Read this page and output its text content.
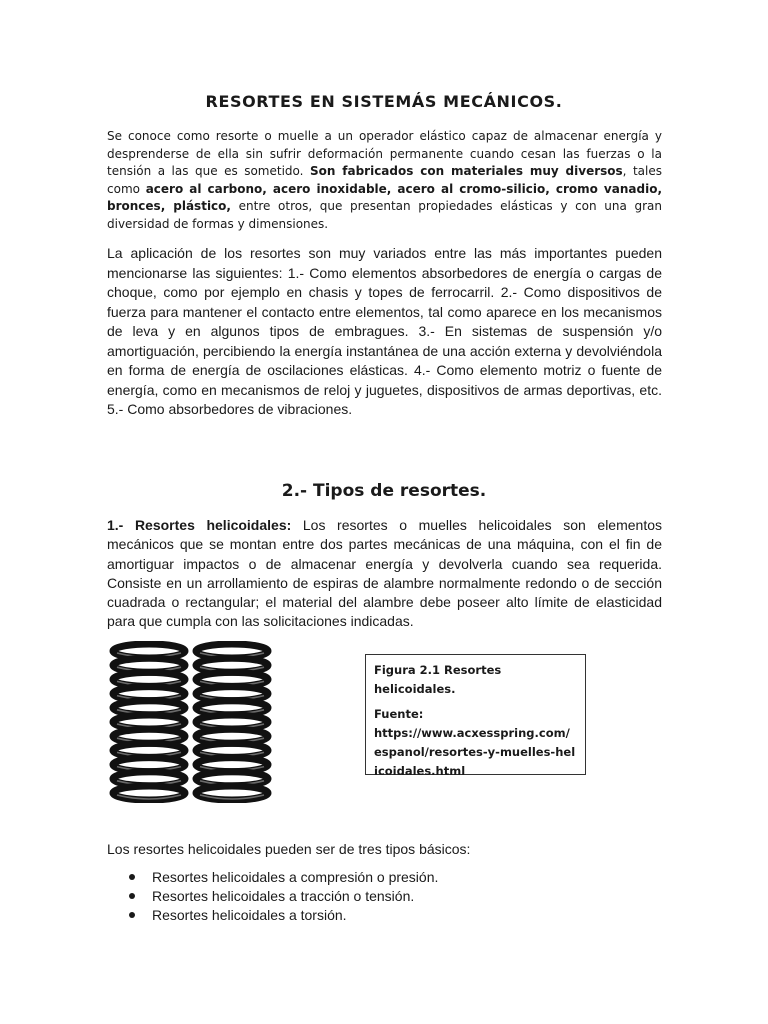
RESORTES EN SISTEMÁS MECÁNICOS.
Se conoce como resorte o muelle a un operador elástico capaz de almacenar energía y desprenderse de ella sin sufrir deformación permanente cuando cesan las fuerzas o la tensión a las que es sometido. Son fabricados con materiales muy diversos, tales como acero al carbono, acero inoxidable, acero al cromo-silicio, cromo vanadio, bronces, plástico, entre otros, que presentan propiedades elásticas y con una gran diversidad de formas y dimensiones.
La aplicación de los resortes son muy variados entre las más importantes pueden mencionarse las siguientes: 1.- Como elementos absorbedores de energía o cargas de choque, como por ejemplo en chasis y topes de ferrocarril. 2.- Como dispositivos de fuerza para mantener el contacto entre elementos, tal como aparece en los mecanismos de leva y en algunos tipos de embragues. 3.- En sistemas de suspensión y/o amortiguación, percibiendo la energía instantánea de una acción externa y devolviéndola en forma de energía de oscilaciones elásticas. 4.- Como elemento motriz o fuente de energía, como en mecanismos de reloj y juguetes, dispositivos de armas deportivas, etc. 5.- Como absorbedores de vibraciones.
2.- Tipos de resortes.
1.- Resortes helicoidales: Los resortes o muelles helicoidales son elementos mecánicos que se montan entre dos partes mecánicas de una máquina, con el fin de amortiguar impactos o de almacenar energía y devolverla cuando sea requerida. Consiste en un arrollamiento de espiras de alambre normalmente redondo o de sección cuadrada o rectangular; el material del alambre debe poseer alto límite de elasticidad para que cumpla con las solicitaciones indicadas.
Figura 2.1 Resortes helicoidales.
Fuente:
https://www.acxesspring.com/espanol/resortes-y-muelles-helicoidales.html
Los resortes helicoidales pueden ser de tres tipos básicos:
Resortes helicoidales a compresión o presión.
Resortes helicoidales a tracción o tensión.
Resortes helicoidales a torsión.
